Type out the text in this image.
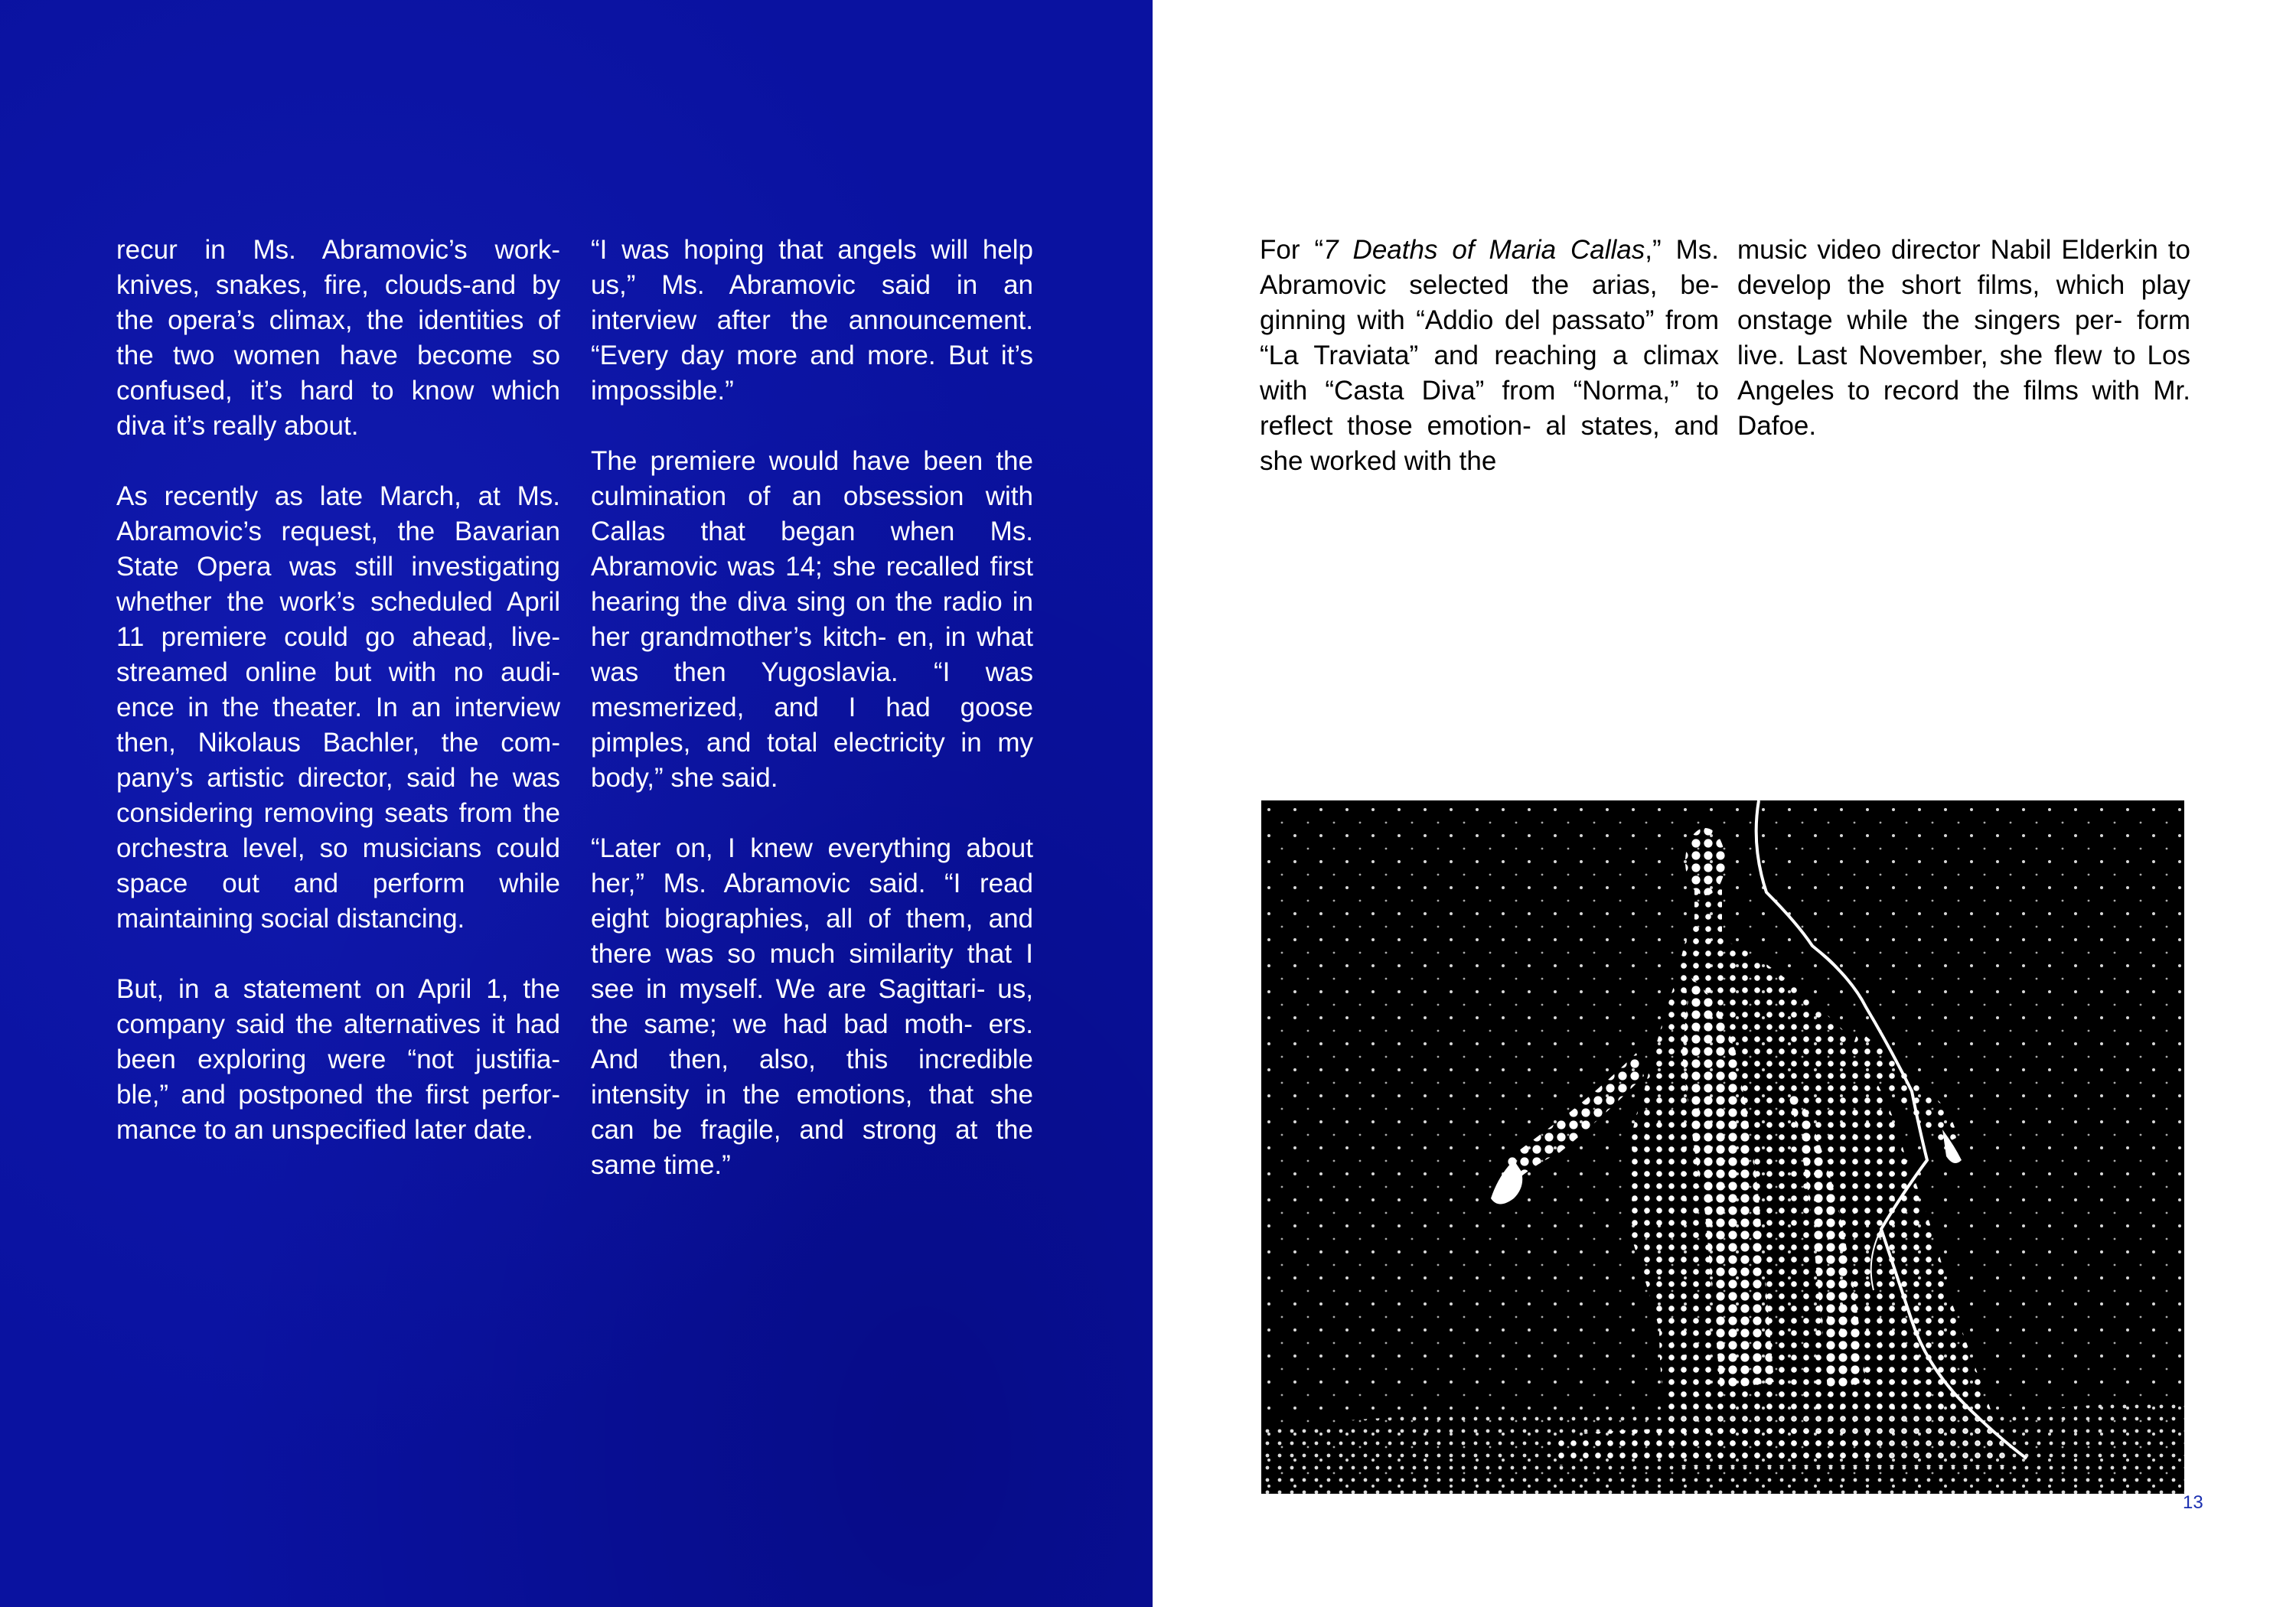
recur in Ms. Abramovic’s work- knives, snakes, fire, clouds-and by the opera’s climax, the identities of the two women have become so confused, it’s hard to know which diva it’s really about.

As recently as late March, at Ms. Abramovic’s request, the Bavarian State Opera was still investigating whether the work’s scheduled April 11 premiere could go ahead, live- streamed online but with no audi- ence in the theater. In an interview then, Nikolaus Bachler, the com- pany’s artistic director, said he was considering removing seats from the orchestra level, so musicians could space out and perform while maintaining social distancing.

But, in a statement on April 1, the company said the alternatives it had been exploring were “not justifia- ble,” and postponed the first perfor- mance to an unspecified later date.

“I was hoping that angels will help us,” Ms. Abramovic said in an interview after the announcement. “Every day more and more. But it’s impossible.”

The premiere would have been the culmination of an obsession with Callas that began when Ms. Abramovic was 14; she recalled first hearing the diva sing on the radio in her grandmother’s kitch- en, in what was then Yugoslavia. “I was mesmerized, and I had goose pimples, and total electricity in my body,” she said.

“Later on, I knew everything about her,” Ms. Abramovic said. “I read eight biographies, all of them, and there was so much similarity that I see in myself. We are Sagittari- us, the same; we had bad moth- ers. And then, also, this incredible intensity in the emotions, that she can be fragile, and strong at the same time.”

For “7 Deaths of Maria Callas,” Ms. Abramovic selected the arias, be- ginning with “Addio del passato” from “La Traviata” and reaching a climax with “Casta Diva” from “Norma,” to reflect those emotion- al states, and she worked with the

music video director Nabil Elderkin to develop the short films, which play onstage while the singers per- form live. Last November, she flew to Los Angeles to record the films with Mr. Dafoe.

13
